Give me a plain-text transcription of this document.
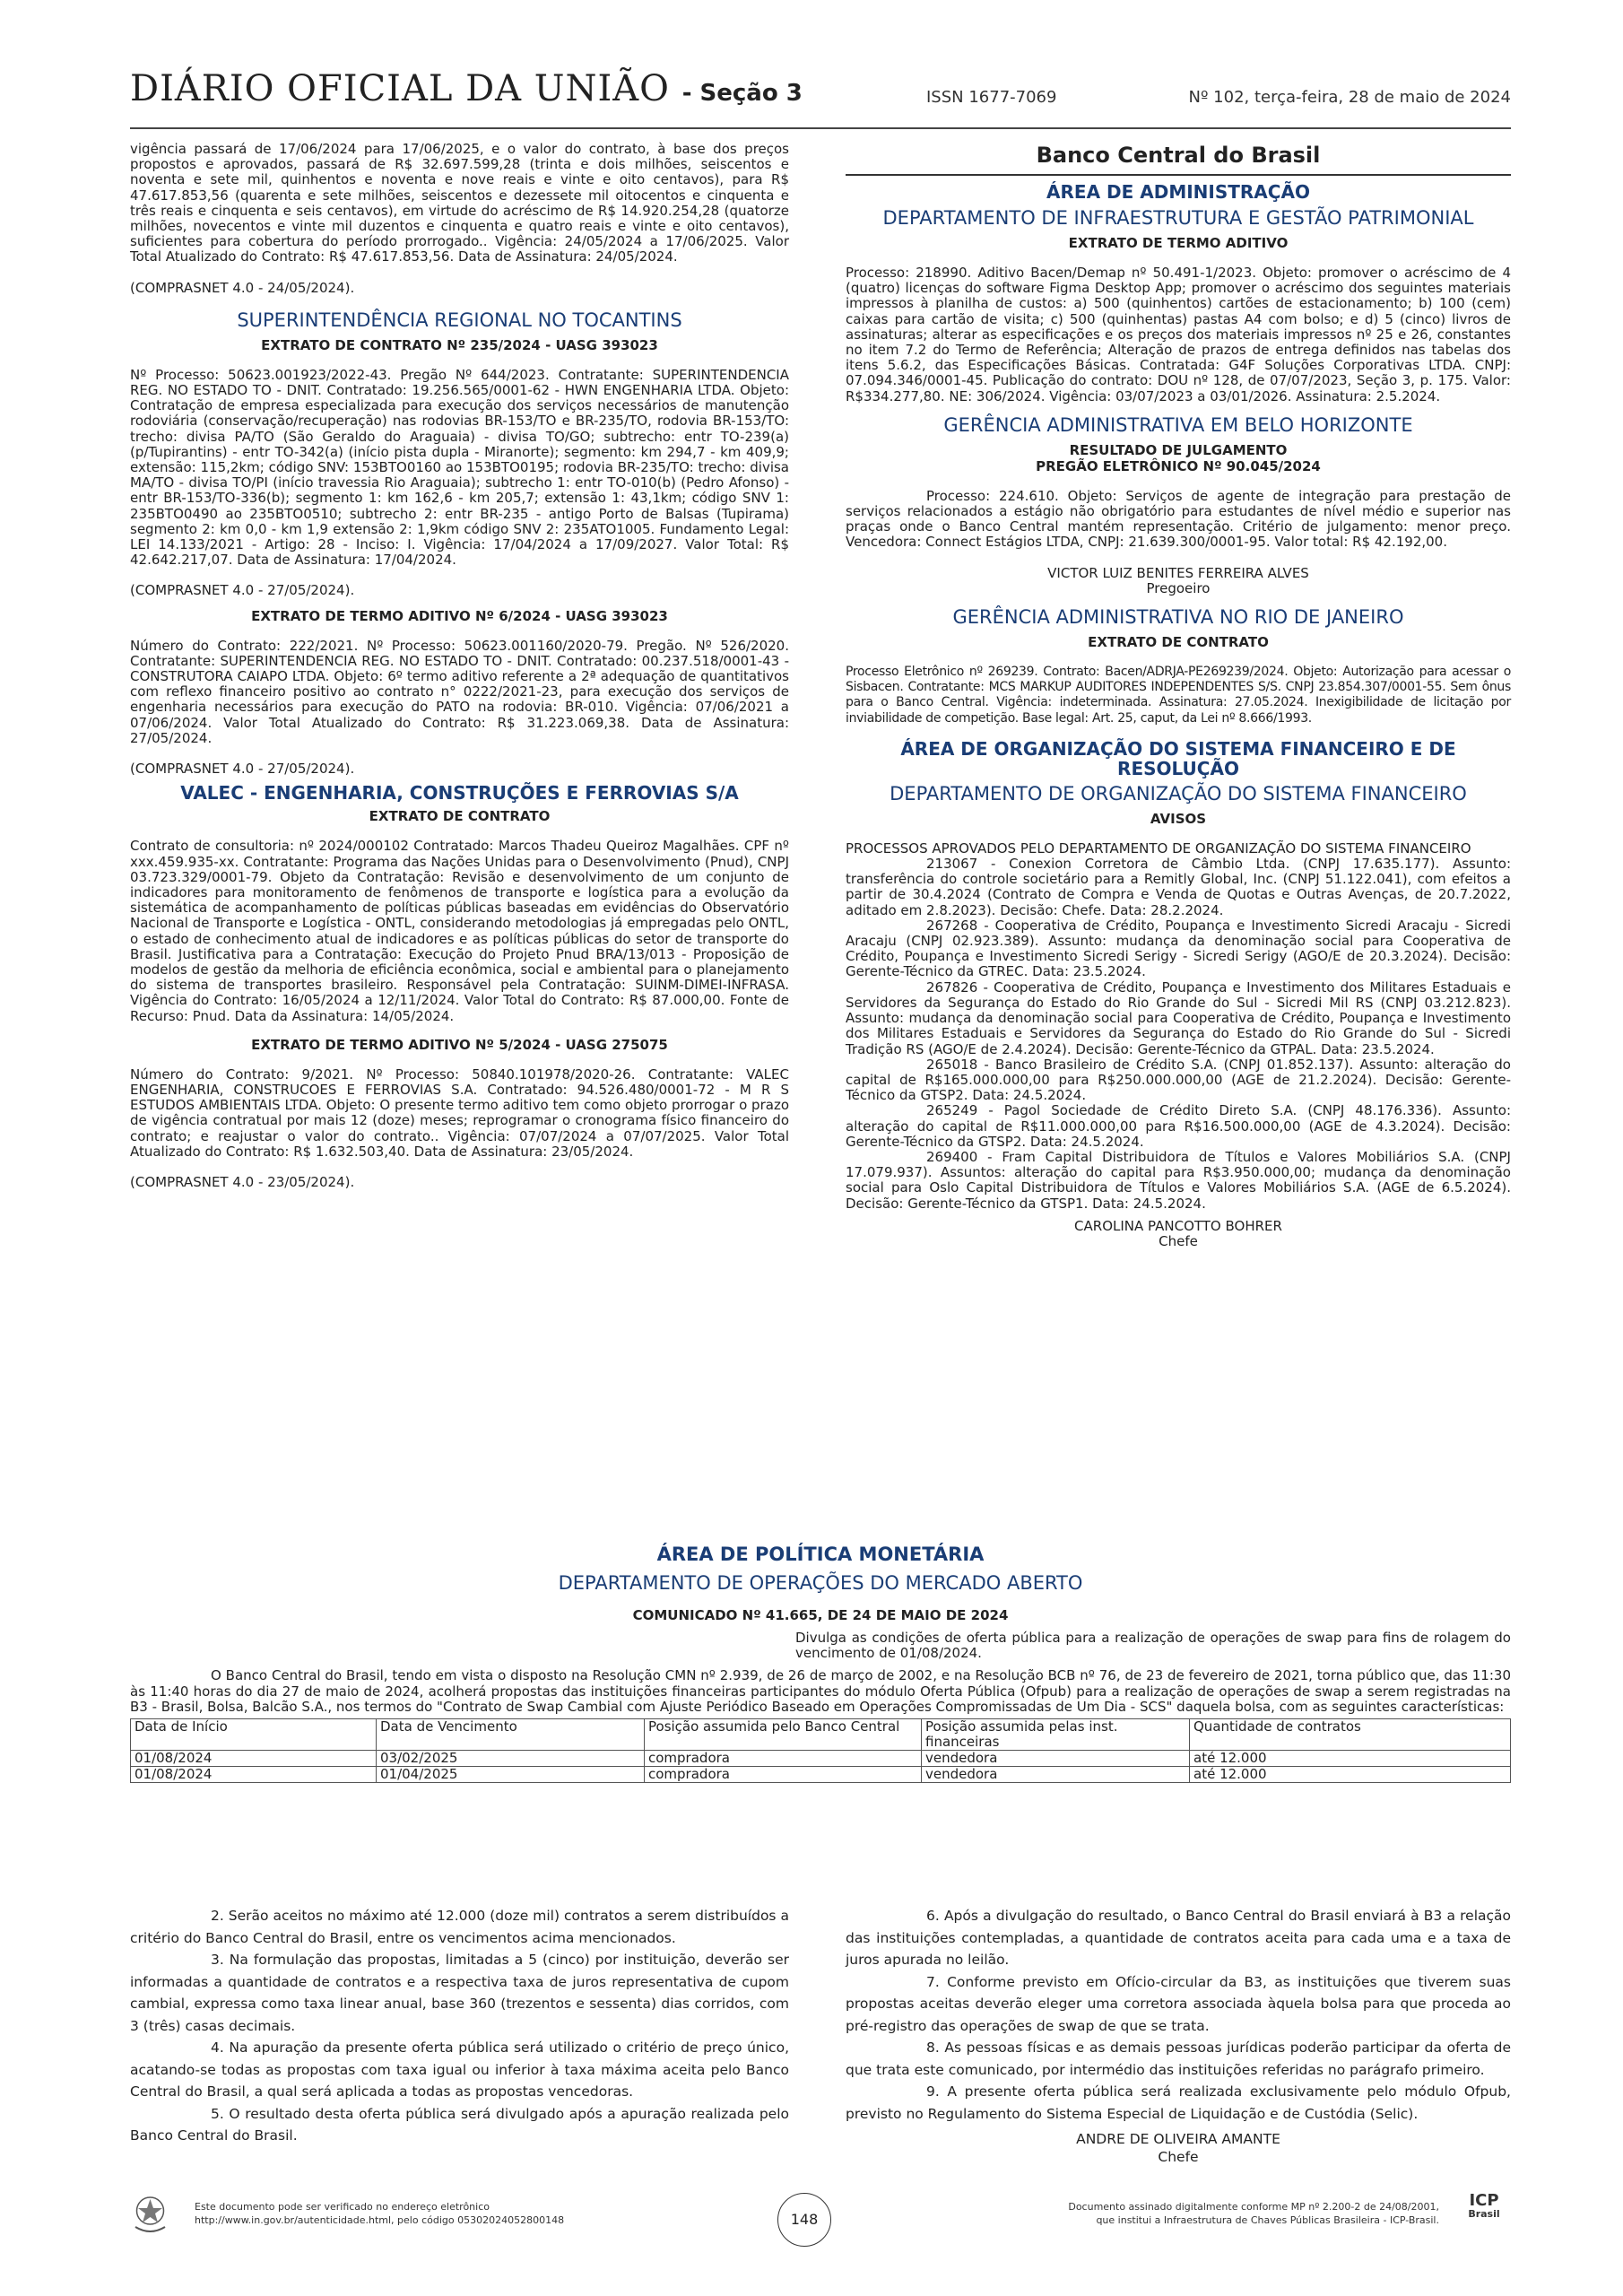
DIÁRIO OFICIAL DA UNIÃO - Seção 3	ISSN 1677-7069	Nº 102, terça-feira, 28 de maio de 2024

vigência passará de 17/06/2024 para 17/06/2025, e o valor do contrato, à base dos preços propostos e aprovados, passará de R$ 32.697.599,28 (trinta e dois milhões, seiscentos e noventa e sete mil, quinhentos e noventa e nove reais e vinte e oito centavos), para R$ 47.617.853,56 (quarenta e sete milhões, seiscentos e dezessete mil oitocentos e cinquenta e três reais e cinquenta e seis centavos), em virtude do acréscimo de R$ 14.920.254,28 (quatorze milhões, novecentos e vinte mil duzentos e cinquenta e quatro reais e vinte e oito centavos), suficientes para cobertura do período prorrogado.. Vigência: 24/05/2024 a 17/06/2025. Valor Total Atualizado do Contrato: R$ 47.617.853,56. Data de Assinatura: 24/05/2024.

(COMPRASNET 4.0 - 24/05/2024).

SUPERINTENDÊNCIA REGIONAL NO TOCANTINS
EXTRATO DE CONTRATO Nº 235/2024 - UASG 393023

Nº Processo: 50623.001923/2022-43. Pregão Nº 644/2023. Contratante: SUPERINTENDENCIA REG. NO ESTADO TO - DNIT. Contratado: 19.256.565/0001-62 - HWN ENGENHARIA LTDA. Objeto: Contratação de empresa especializada para execução dos serviços necessários de manutenção rodoviária (conservação/recuperação) nas rodovias BR-153/TO e BR-235/TO, rodovia BR-153/TO: trecho: divisa PA/TO (São Geraldo do Araguaia) - divisa TO/GO; subtrecho: entr TO-239(a) (p/Tupirantins) - entr TO-342(a) (início pista dupla - Miranorte); segmento: km 294,7 - km 409,9; extensão: 115,2km; código SNV: 153BTO0160 ao 153BTO0195; rodovia BR-235/TO: trecho: divisa MA/TO - divisa TO/PI (início travessia Rio Araguaia); subtrecho 1: entr TO-010(b) (Pedro Afonso) - entr BR-153/TO-336(b); segmento 1: km 162,6 - km 205,7; extensão 1: 43,1km; código SNV 1: 235BTO0490 ao 235BTO0510; subtrecho 2: entr BR-235 - antigo Porto de Balsas (Tupirama) segmento 2: km 0,0 - km 1,9 extensão 2: 1,9km código SNV 2: 235ATO1005. Fundamento Legal: LEI 14.133/2021 - Artigo: 28 - Inciso: I. Vigência: 17/04/2024 a 17/09/2027. Valor Total: R$ 42.642.217,07. Data de Assinatura: 17/04/2024.

(COMPRASNET 4.0 - 27/05/2024).

EXTRATO DE TERMO ADITIVO Nº 6/2024 - UASG 393023

Número do Contrato: 222/2021. Nº Processo: 50623.001160/2020-79. Pregão. Nº 526/2020. Contratante: SUPERINTENDENCIA REG. NO ESTADO TO - DNIT. Contratado: 00.237.518/0001-43 - CONSTRUTORA CAIAPO LTDA. Objeto: 6º termo aditivo referente a 2ª adequação de quantitativos com reflexo financeiro positivo ao contrato n° 0222/2021-23, para execução dos serviços de engenharia necessários para execução do PATO na rodovia: BR-010. Vigência: 07/06/2021 a 07/06/2024. Valor Total Atualizado do Contrato: R$ 31.223.069,38. Data de Assinatura: 27/05/2024.

(COMPRASNET 4.0 - 27/05/2024).

VALEC - ENGENHARIA, CONSTRUÇÕES E FERROVIAS S/A
EXTRATO DE CONTRATO

Contrato de consultoria: nº 2024/000102 Contratado: Marcos Thadeu Queiroz Magalhães. CPF nº xxx.459.935-xx. Contratante: Programa das Nações Unidas para o Desenvolvimento (Pnud), CNPJ 03.723.329/0001-79. Objeto da Contratação: Revisão e desenvolvimento de um conjunto de indicadores para monitoramento de fenômenos de transporte e logística para a evolução da sistemática de acompanhamento de políticas públicas baseadas em evidências do Observatório Nacional de Transporte e Logística - ONTL, considerando metodologias já empregadas pelo ONTL, o estado de conhecimento atual de indicadores e as políticas públicas do setor de transporte do Brasil. Justificativa para a Contratação: Execução do Projeto Pnud BRA/13/013 - Proposição de modelos de gestão da melhoria de eficiência econômica, social e ambiental para o planejamento do sistema de transportes brasileiro. Responsável pela Contratação: SUINM-DIMEI-INFRASA. Vigência do Contrato: 16/05/2024 a 12/11/2024. Valor Total do Contrato: R$ 87.000,00. Fonte de Recurso: Pnud. Data da Assinatura: 14/05/2024.

EXTRATO DE TERMO ADITIVO Nº 5/2024 - UASG 275075

Número do Contrato: 9/2021. Nº Processo: 50840.101978/2020-26. Contratante: VALEC ENGENHARIA, CONSTRUCOES E FERROVIAS S.A. Contratado: 94.526.480/0001-72 - M R S ESTUDOS AMBIENTAIS LTDA. Objeto: O presente termo aditivo tem como objeto prorrogar o prazo de vigência contratual por mais 12 (doze) meses; reprogramar o cronograma físico financeiro do contrato; e reajustar o valor do contrato.. Vigência: 07/07/2024 a 07/07/2025. Valor Total Atualizado do Contrato: R$ 1.632.503,40. Data de Assinatura: 23/05/2024.

(COMPRASNET 4.0 - 23/05/2024).

Banco Central do Brasil
ÁREA DE ADMINISTRAÇÃO
DEPARTAMENTO DE INFRAESTRUTURA E GESTÃO PATRIMONIAL
EXTRATO DE TERMO ADITIVO

Processo: 218990. Aditivo Bacen/Demap nº 50.491-1/2023. Objeto: promover o acréscimo de 4 (quatro) licenças do software Figma Desktop App; promover o acréscimo dos seguintes materiais impressos à planilha de custos: a) 500 (quinhentos) cartões de estacionamento; b) 100 (cem) caixas para cartão de visita; c) 500 (quinhentas) pastas A4 com bolso; e d) 5 (cinco) livros de assinaturas; alterar as especificações e os preços dos materiais impressos nº 25 e 26, constantes no item 7.2 do Termo de Referência; Alteração de prazos de entrega definidos nas tabelas dos itens 5.6.2, das Especificações Básicas. Contratada: G4F Soluções Corporativas LTDA. CNPJ: 07.094.346/0001-45. Publicação do contrato: DOU nº 128, de 07/07/2023, Seção 3, p. 175. Valor: R$334.277,80. NE: 306/2024. Vigência: 03/07/2023 a 03/01/2026. Assinatura: 2.5.2024.

GERÊNCIA ADMINISTRATIVA EM BELO HORIZONTE
RESULTADO DE JULGAMENTO
PREGÃO ELETRÔNICO Nº 90.045/2024

Processo: 224.610. Objeto: Serviços de agente de integração para prestação de serviços relacionados a estágio não obrigatório para estudantes de nível médio e superior nas praças onde o Banco Central mantém representação. Critério de julgamento: menor preço. Vencedora: Connect Estágios LTDA, CNPJ: 21.639.300/0001-95. Valor total: R$ 42.192,00.

VICTOR LUIZ BENITES FERREIRA ALVES

Pregoeiro

GERÊNCIA ADMINISTRATIVA NO RIO DE JANEIRO
EXTRATO DE CONTRATO

Processo Eletrônico nº 269239. Contrato: Bacen/ADRJA-PE269239/2024. Objeto: Autorização para acessar o Sisbacen. Contratante: MCS MARKUP AUDITORES INDEPENDENTES S/S. CNPJ 23.854.307/0001-55. Sem ônus para o Banco Central. Vigência: indeterminada. Assinatura: 27.05.2024. Inexigibilidade de licitação por inviabilidade de competição. Base legal: Art. 25, caput, da Lei nº 8.666/1993.

ÁREA DE ORGANIZAÇÃO DO SISTEMA FINANCEIRO E DE RESOLUÇÃO
DEPARTAMENTO DE ORGANIZAÇÃO DO SISTEMA FINANCEIRO
AVISOS

PROCESSOS APROVADOS PELO DEPARTAMENTO DE ORGANIZAÇÃO DO SISTEMA FINANCEIRO

213067 - Conexion Corretora de Câmbio Ltda. (CNPJ 17.635.177). Assunto: transferência do controle societário para a Remitly Global, Inc. (CNPJ 51.122.041), com efeitos a partir de 30.4.2024 (Contrato de Compra e Venda de Quotas e Outras Avenças, de 20.7.2022, aditado em 2.8.2023). Decisão: Chefe. Data: 28.2.2024.

267268 - Cooperativa de Crédito, Poupança e Investimento Sicredi Aracaju - Sicredi Aracaju (CNPJ 02.923.389). Assunto: mudança da denominação social para Cooperativa de Crédito, Poupança e Investimento Sicredi Serigy - Sicredi Serigy (AGO/E de 20.3.2024). Decisão: Gerente-Técnico da GTREC. Data: 23.5.2024.

267826 - Cooperativa de Crédito, Poupança e Investimento dos Militares Estaduais e Servidores da Segurança do Estado do Rio Grande do Sul - Sicredi Mil RS (CNPJ 03.212.823). Assunto: mudança da denominação social para Cooperativa de Crédito, Poupança e Investimento dos Militares Estaduais e Servidores da Segurança do Estado do Rio Grande do Sul - Sicredi Tradição RS (AGO/E de 2.4.2024). Decisão: Gerente-Técnico da GTPAL. Data: 23.5.2024.

265018 - Banco Brasileiro de Crédito S.A. (CNPJ 01.852.137). Assunto: alteração do capital de R$165.000.000,00 para R$250.000.000,00 (AGE de 21.2.2024). Decisão: Gerente-Técnico da GTSP2. Data: 24.5.2024.

265249 - Pagol Sociedade de Crédito Direto S.A. (CNPJ 48.176.336). Assunto: alteração do capital de R$11.000.000,00 para R$16.500.000,00 (AGE de 4.3.2024). Decisão: Gerente-Técnico da GTSP2. Data: 24.5.2024.

269400 - Fram Capital Distribuidora de Títulos e Valores Mobiliários S.A. (CNPJ 17.079.937). Assuntos: alteração do capital para R$3.950.000,00; mudança da denominação social para Oslo Capital Distribuidora de Títulos e Valores Mobiliários S.A. (AGE de 6.5.2024). Decisão: Gerente-Técnico da GTSP1. Data: 24.5.2024.

CAROLINA PANCOTTO BOHRER

Chefe

ÁREA DE POLÍTICA MONETÁRIA
DEPARTAMENTO DE OPERAÇÕES DO MERCADO ABERTO
COMUNICADO Nº 41.665, DE 24 DE MAIO DE 2024

Divulga as condições de oferta pública para a realização de operações de swap para fins de rolagem do vencimento de 01/08/2024.

O Banco Central do Brasil, tendo em vista o disposto na Resolução CMN nº 2.939, de 26 de março de 2002, e na Resolução BCB nº 76, de 23 de fevereiro de 2021, torna público que, das 11:30 às 11:40 horas do dia 27 de maio de 2024, acolherá propostas das instituições financeiras participantes do módulo Oferta Pública (Ofpub) para a realização de operações de swap a serem registradas na B3 - Brasil, Bolsa, Balcão S.A., nos termos do "Contrato de Swap Cambial com Ajuste Periódico Baseado em Operações Compromissadas de Um Dia - SCS" daquela bolsa, com as seguintes características:

Data de Início	Data de Vencimento	Posição assumida pelo Banco Central	Posição assumida pelas inst. financeiras	Quantidade de contratos
01/08/2024	03/02/2025	compradora	vendedora	até 12.000
01/08/2024	01/04/2025	compradora	vendedora	até 12.000

2. Serão aceitos no máximo até 12.000 (doze mil) contratos a serem distribuídos a critério do Banco Central do Brasil, entre os vencimentos acima mencionados.

3. Na formulação das propostas, limitadas a 5 (cinco) por instituição, deverão ser informadas a quantidade de contratos e a respectiva taxa de juros representativa de cupom cambial, expressa como taxa linear anual, base 360 (trezentos e sessenta) dias corridos, com 3 (três) casas decimais.

4. Na apuração da presente oferta pública será utilizado o critério de preço único, acatando-se todas as propostas com taxa igual ou inferior à taxa máxima aceita pelo Banco Central do Brasil, a qual será aplicada a todas as propostas vencedoras.

5. O resultado desta oferta pública será divulgado após a apuração realizada pelo Banco Central do Brasil.

6. Após a divulgação do resultado, o Banco Central do Brasil enviará à B3 a relação das instituições contempladas, a quantidade de contratos aceita para cada uma e a taxa de juros apurada no leilão.

7. Conforme previsto em Ofício-circular da B3, as instituições que tiverem suas propostas aceitas deverão eleger uma corretora associada àquela bolsa para que proceda ao pré-registro das operações de swap de que se trata.

8. As pessoas físicas e as demais pessoas jurídicas poderão participar da oferta de que trata este comunicado, por intermédio das instituições referidas no parágrafo primeiro.

9. A presente oferta pública será realizada exclusivamente pelo módulo Ofpub, previsto no Regulamento do Sistema Especial de Liquidação e de Custódia (Selic).

ANDRE DE OLIVEIRA AMANTE

Chefe

Este documento pode ser verificado no endereço eletrônico
http://www.in.gov.br/autenticidade.html, pelo código 05302024052800148	148
Documento assinado digitalmente conforme MP nº 2.200-2 de 24/08/2001,
que institui a Infraestrutura de Chaves Públicas Brasileira - ICP-Brasil.
ICP
Brasil
